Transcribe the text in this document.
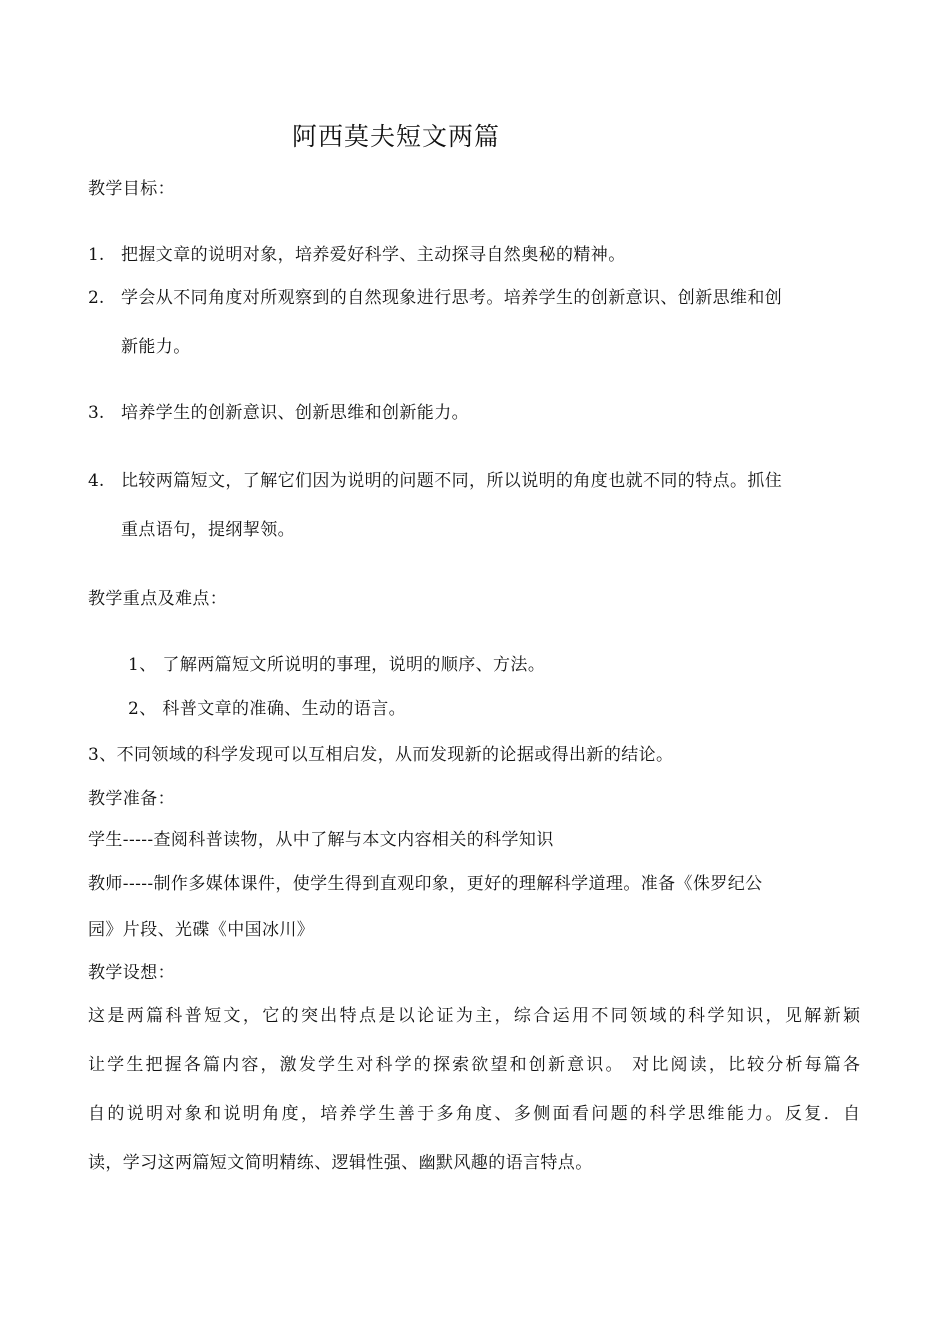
阿西莫夫短文两篇
教学目标：
1. 把握文章的说明对象，培养爱好科学、主动探寻自然奥秘的精神。
2. 学会从不同角度对所观察到的自然现象进行思考。培养学生的创新意识、创新思维和创
新能力。
3. 培养学生的创新意识、创新思维和创新能力。
4. 比较两篇短文，了解它们因为说明的问题不同，所以说明的角度也就不同的特点。抓住
重点语句，提纲挈领。
教学重点及难点：
1、 了解两篇短文所说明的事理，说明的顺序、方法。
2、 科普文章的准确、生动的语言。
3、不同领域的科学发现可以互相启发，从而发现新的论据或得出新的结论。
教学准备：
学生-----查阅科普读物，从中了解与本文内容相关的科学知识
教师-----制作多媒体课件，使学生得到直观印象，更好的理解科学道理。准备《侏罗纪公
园》片段、光碟《中国冰川》
教学设想：
这是两篇科普短文，它的突出特点是以论证为主，综合运用不同领域的科学知识，见解新颖
让学生把握各篇内容，激发学生对科学的探索欲望和创新意识。 对比阅读，比较分析每篇各
自的说明对象和说明角度，培养学生善于多角度、多侧面看问题的科学思维能力。反复．自
读，学习这两篇短文简明精练、逻辑性强、幽默风趣的语言特点。
